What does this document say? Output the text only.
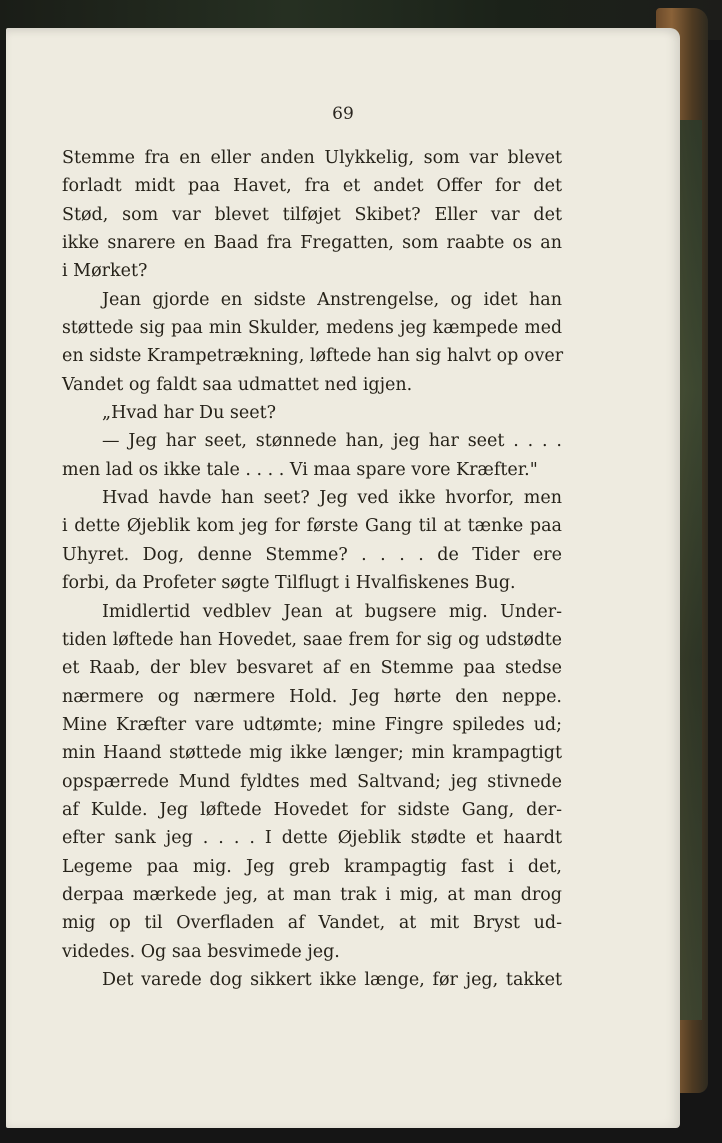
69
Stemme fra en eller anden Ulykkelig, som var blevet
forladt midt paa Havet, fra et andet Offer for det
Stød, som var blevet tilføjet Skibet? Eller var det
ikke snarere en Baad fra Fregatten, som raabte os an
i Mørket?
Jean gjorde en sidste Anstrengelse, og idet han
støttede sig paa min Skulder, medens jeg kæmpede med
en sidste Krampetrækning, løftede han sig halvt op over
Vandet og faldt saa udmattet ned igjen.
„Hvad har Du seet?
— Jeg har seet, stønnede han, jeg har seet . . . .
men lad os ikke tale . . . . Vi maa spare vore Kræfter."
Hvad havde han seet? Jeg ved ikke hvorfor, men
i dette Øjeblik kom jeg for første Gang til at tænke paa
Uhyret. Dog, denne Stemme? . . . . de Tider ere
forbi, da Profeter søgte Tilflugt i Hvalfiskenes Bug.
Imidlertid vedblev Jean at bugsere mig. Under-
tiden løftede han Hovedet, saae frem for sig og udstødte
et Raab, der blev besvaret af en Stemme paa stedse
nærmere og nærmere Hold. Jeg hørte den neppe.
Mine Kræfter vare udtømte; mine Fingre spiledes ud;
min Haand støttede mig ikke længer; min krampagtigt
opspærrede Mund fyldtes med Saltvand; jeg stivnede
af Kulde. Jeg løftede Hovedet for sidste Gang, der-
efter sank jeg . . . . I dette Øjeblik stødte et haardt
Legeme paa mig. Jeg greb krampagtig fast i det,
derpaa mærkede jeg, at man trak i mig, at man drog
mig op til Overfladen af Vandet, at mit Bryst ud-
videdes. Og saa besvimede jeg.
Det varede dog sikkert ikke længe, før jeg, takket
